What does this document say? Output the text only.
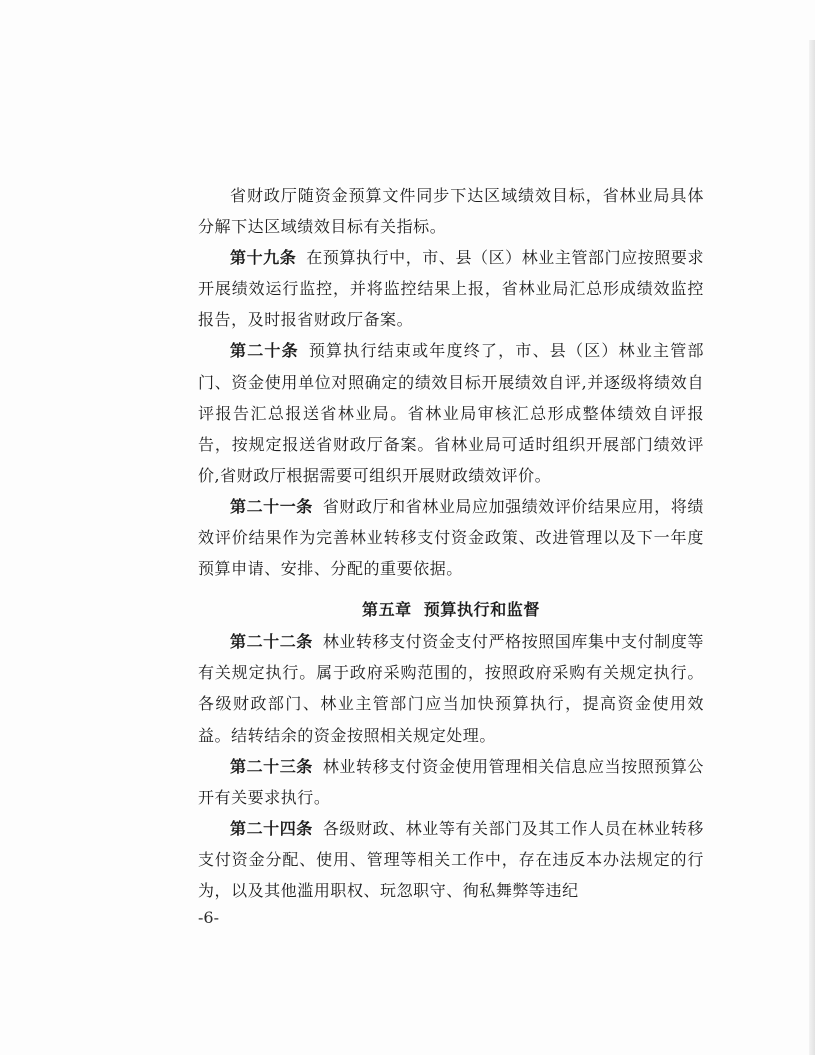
省财政厅随资金预算文件同步下达区域绩效目标，省林业局具体分解下达区域绩效目标有关指标。

第十九条 在预算执行中，市、县（区）林业主管部门应按照要求开展绩效运行监控，并将监控结果上报，省林业局汇总形成绩效监控报告，及时报省财政厅备案。

第二十条 预算执行结束或年度终了，市、县（区）林业主管部门、资金使用单位对照确定的绩效目标开展绩效自评,并逐级将绩效自评报告汇总报送省林业局。省林业局审核汇总形成整体绩效自评报告，按规定报送省财政厅备案。省林业局可适时组织开展部门绩效评价,省财政厅根据需要可组织开展财政绩效评价。

第二十一条 省财政厅和省林业局应加强绩效评价结果应用，将绩效评价结果作为完善林业转移支付资金政策、改进管理以及下一年度预算申请、安排、分配的重要依据。

第五章 预算执行和监督

第二十二条 林业转移支付资金支付严格按照国库集中支付制度等有关规定执行。属于政府采购范围的，按照政府采购有关规定执行。各级财政部门、林业主管部门应当加快预算执行，提高资金使用效益。结转结余的资金按照相关规定处理。

第二十三条 林业转移支付资金使用管理相关信息应当按照预算公开有关要求执行。

第二十四条 各级财政、林业等有关部门及其工作人员在林业转移支付资金分配、使用、管理等相关工作中，存在违反本办法规定的行为，以及其他滥用职权、玩忽职守、徇私舞弊等违纪

-6-
